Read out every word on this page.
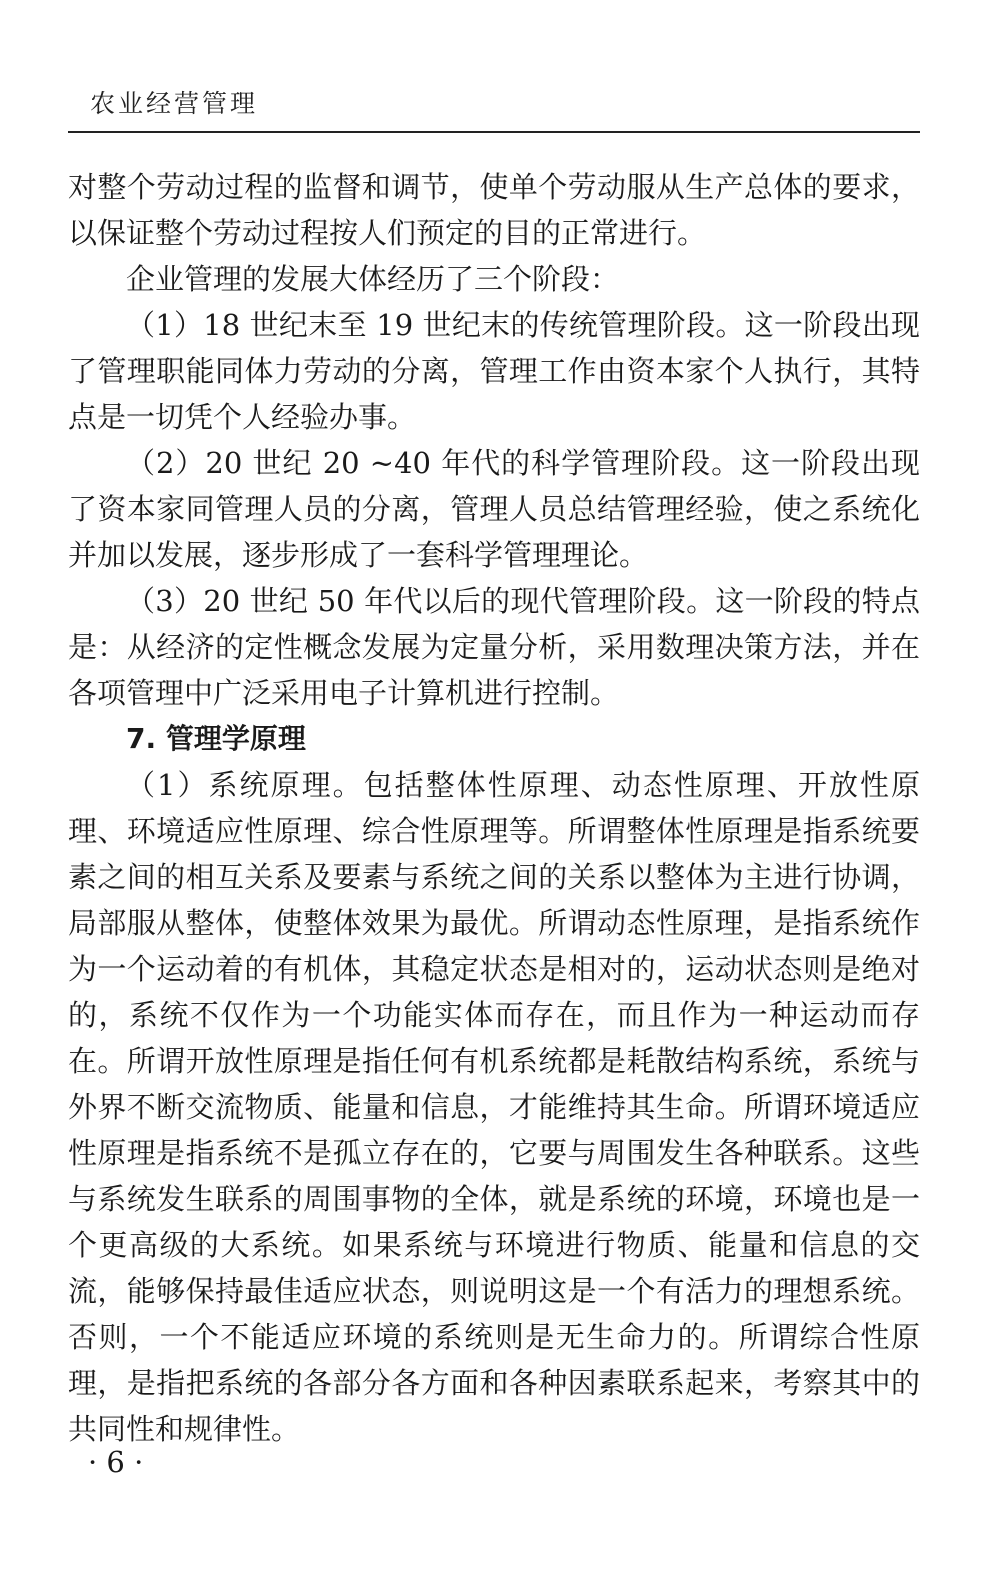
农业经营管理

对整个劳动过程的监督和调节，使单个劳动服从生产总体的要求，以保证整个劳动过程按人们预定的目的正常进行。

企业管理的发展大体经历了三个阶段：

（1）18 世纪末至 19 世纪末的传统管理阶段。这一阶段出现了管理职能同体力劳动的分离，管理工作由资本家个人执行，其特点是一切凭个人经验办事。

（2）20 世纪 20 ~40 年代的科学管理阶段。这一阶段出现了资本家同管理人员的分离，管理人员总结管理经验，使之系统化并加以发展，逐步形成了一套科学管理理论。

（3）20 世纪 50 年代以后的现代管理阶段。这一阶段的特点是：从经济的定性概念发展为定量分析，采用数理决策方法，并在各项管理中广泛采用电子计算机进行控制。

7. 管理学原理

（1）系统原理。包括整体性原理、动态性原理、开放性原理、环境适应性原理、综合性原理等。所谓整体性原理是指系统要素之间的相互关系及要素与系统之间的关系以整体为主进行协调，局部服从整体，使整体效果为最优。所谓动态性原理，是指系统作为一个运动着的有机体，其稳定状态是相对的，运动状态则是绝对的，系统不仅作为一个功能实体而存在，而且作为一种运动而存在。所谓开放性原理是指任何有机系统都是耗散结构系统，系统与外界不断交流物质、能量和信息，才能维持其生命。所谓环境适应性原理是指系统不是孤立存在的，它要与周围发生各种联系。这些与系统发生联系的周围事物的全体，就是系统的环境，环境也是一个更高级的大系统。如果系统与环境进行物质、能量和信息的交流，能够保持最佳适应状态，则说明这是一个有活力的理想系统。否则，一个不能适应环境的系统则是无生命力的。所谓综合性原理，是指把系统的各部分各方面和各种因素联系起来，考察其中的共同性和规律性。

· 6 ·
